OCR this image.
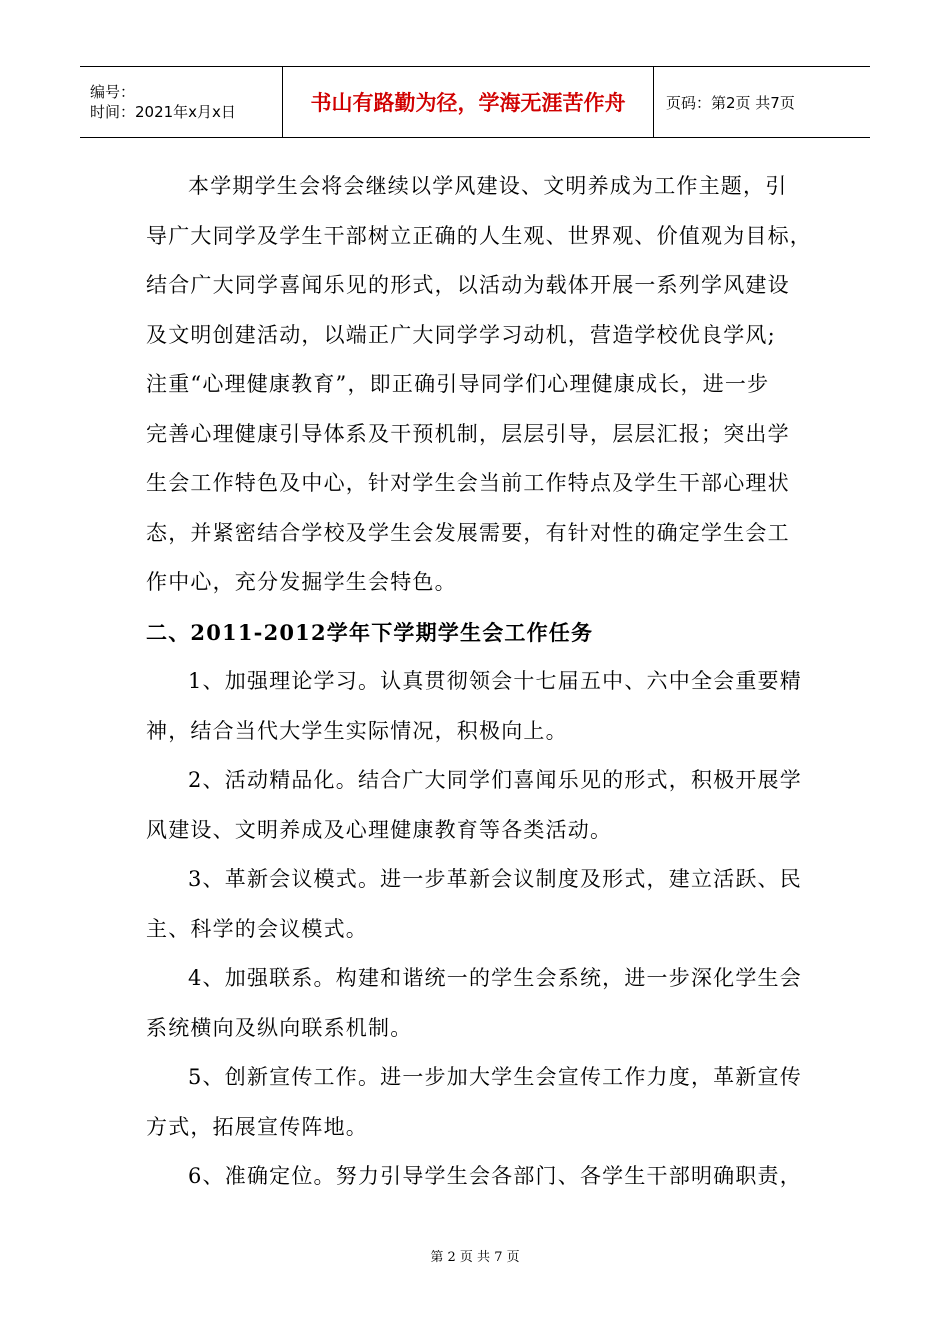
编号：
时间：2021年x月x日	书山有路勤为径，学海无涯苦作舟	页码：第2页 共7页
本学期学生会将会继续以学风建设、文明养成为工作主题，引
导广大同学及学生干部树立正确的人生观、世界观、价值观为目标，
结合广大同学喜闻乐见的形式，以活动为载体开展一系列学风建设
及文明创建活动，以端正广大同学学习动机，营造学校优良学风;
注重“心理健康教育”，即正确引导同学们心理健康成长，进一步
完善心理健康引导体系及干预机制，层层引导，层层汇报；突出学
生会工作特色及中心，针对学生会当前工作特点及学生干部心理状
态，并紧密结合学校及学生会发展需要，有针对性的确定学生会工
作中心，充分发掘学生会特色。
二、2011-2012学年下学期学生会工作任务
1、加强理论学习。认真贯彻领会十七届五中、六中全会重要精
神，结合当代大学生实际情况，积极向上。
2、活动精品化。结合广大同学们喜闻乐见的形式，积极开展学
风建设、文明养成及心理健康教育等各类活动。
3、革新会议模式。进一步革新会议制度及形式，建立活跃、民
主、科学的会议模式。
4、加强联系。构建和谐统一的学生会系统，进一步深化学生会
系统横向及纵向联系机制。
5、创新宣传工作。进一步加大学生会宣传工作力度，革新宣传
方式，拓展宣传阵地。
6、准确定位。努力引导学生会各部门、各学生干部明确职责，
第 2 页 共 7 页
